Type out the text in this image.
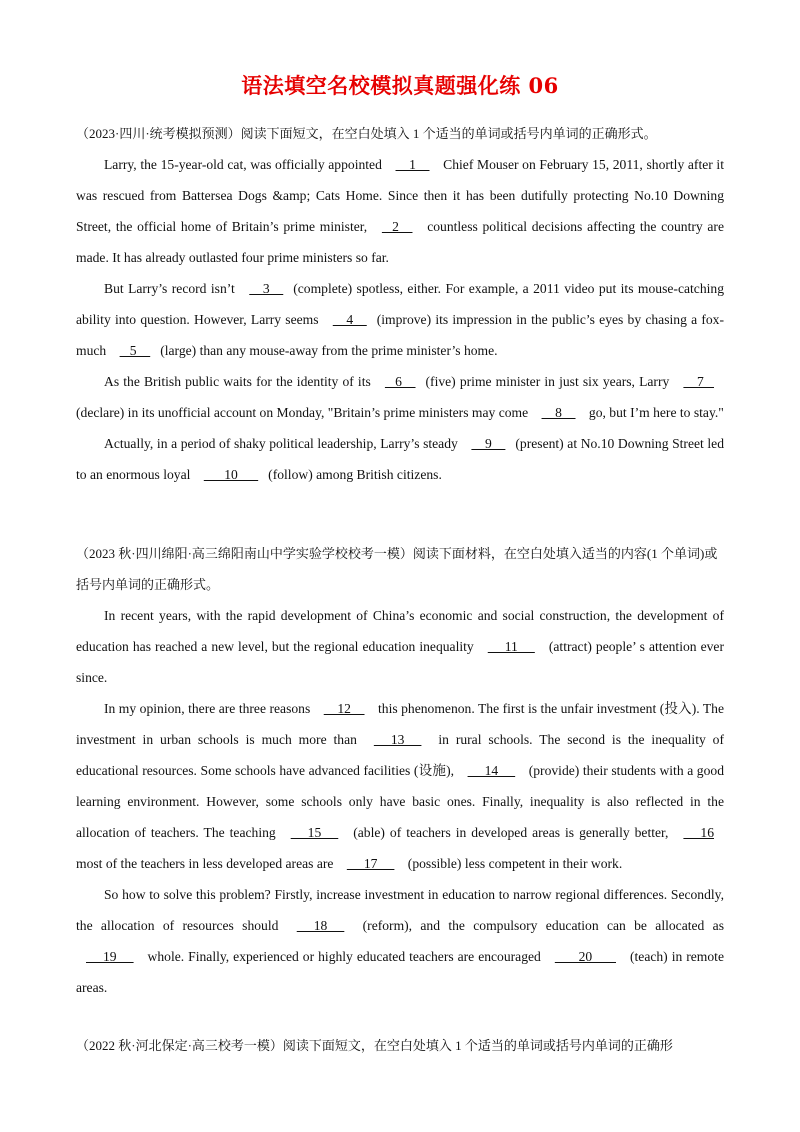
语法填空名校模拟真题强化练 06

（2023·四川·统考模拟预测）阅读下面短文，在空白处填入 1 个适当的单词或括号内单词的正确形式。

Larry, the 15-year-old cat, was officially appointed     1     Chief Mouser on February 15, 2011, shortly after it was rescued from Battersea Dogs &amp; Cats Home. Since then it has been dutifully protecting No.10 Downing Street, the official home of Britain’s prime minister,    2     countless political decisions affecting the country are made. It has already outlasted four prime ministers so far.

But Larry’s record isn’t     3    (complete) spotless, either. For example, a 2011 video put its mouse-catching ability into question. However, Larry seems     4    (improve) its impression in the public’s eyes by chasing a fox-much    5    (large) than any mouse-away from the prime minister’s home.

As the British public waits for the identity of its    6    (five) prime minister in just six years, Larry     7    (declare) in its unofficial account on Monday, "Britain’s prime ministers may come     8     go, but I’m here to stay."

Actually, in a period of shaky political leadership, Larry’s steady     9    (present) at No.10 Downing Street led to an enormous loyal       10      (follow) among British citizens.

（2023 秋·四川绵阳·高三绵阳南山中学实验学校校考一模）阅读下面材料，在空白处填入适当的内容(1 个单词)或括号内单词的正确形式。

In recent years, with the rapid development of China’s economic and social construction, the development of education has reached a new level, but the regional education inequality      11      (attract) people’ s attention ever since.

In my opinion, there are three reasons     12     this phenomenon. The first is the unfair investment (投入). The investment in urban schools is much more than      13      in rural schools. The second is the inequality of educational resources. Some schools have advanced facilities (设施),      14      (provide) their students with a good learning environment. However, some schools only have basic ones. Finally, inequality is also reflected in the allocation of teachers. The teaching      15      (able) of teachers in developed areas is generally better,      16 most of the teachers in less developed areas are      17      (possible) less competent in their work.

So how to solve this problem? Firstly, increase investment in education to narrow regional differences. Secondly, the allocation of resources should      18      (reform), and the compulsory education can be allocated as      19      whole. Finally, experienced or highly educated teachers are encouraged        20        (teach) in remote areas.

（2022 秋·河北保定·高三校考一模）阅读下面短文，在空白处填入 1 个适当的单词或括号内单词的正确形
